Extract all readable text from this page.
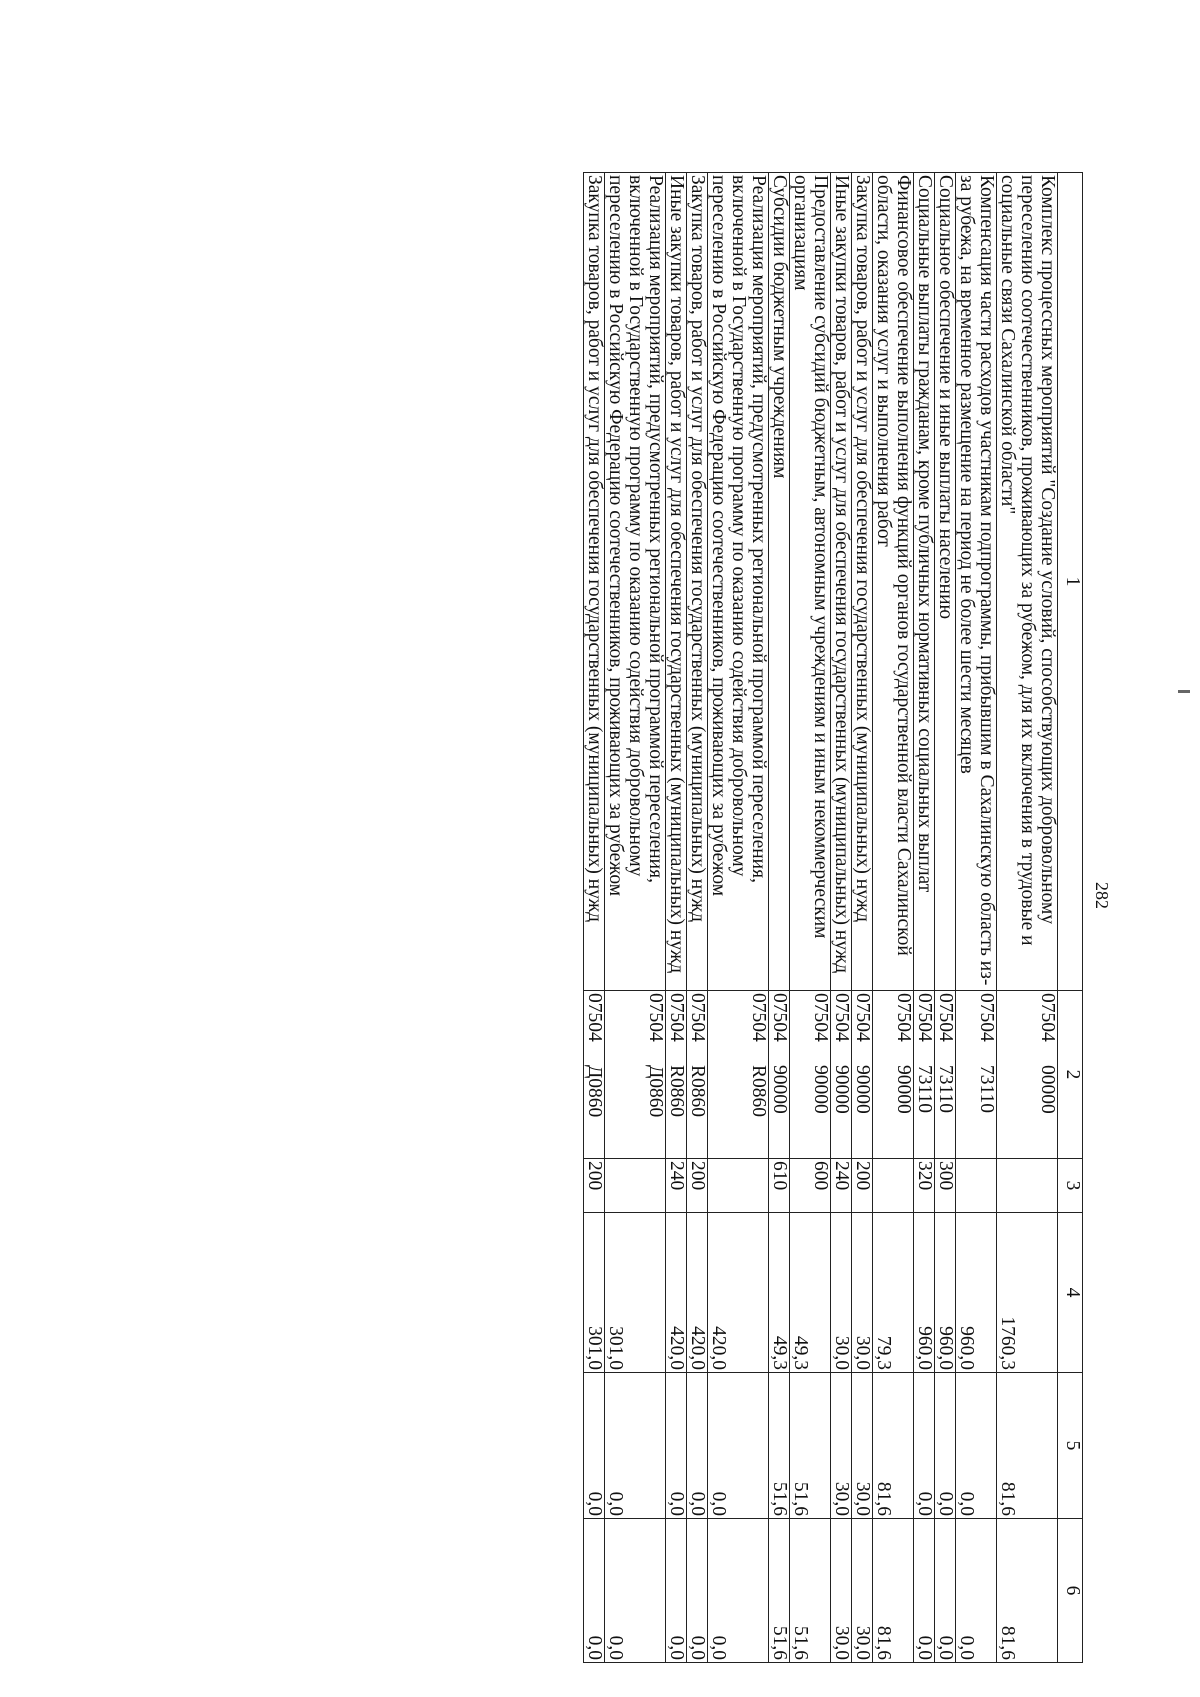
282
1	2	3	4	5	6
Комплекс процессных мероприятий "Создание условий, способствующих добровольному переселению соотечественников, проживающих за рубежом, для их включения в трудовые и социальные связи Сахалинской области"	0750400000		1760,3	81,6	81,6
Компенсация части расходов участникам подпрограммы, прибывшим в Сахалинскую область из-за рубежа, на временное размещение на период не более шести месяцев	0750473110		960,0	0,0	0,0
Социальное обеспечение и иные выплаты населению	0750473110	300	960,0	0,0	0,0
Социальные выплаты гражданам, кроме публичных нормативных социальных выплат	0750473110	320	960,0	0,0	0,0
Финансовое обеспечение выполнения функций органов государственной власти Сахалинской области, оказания услуг и выполнения работ	0750490000		79,3	81,6	81,6
Закупка товаров, работ и услуг для обеспечения государственных (муниципальных) нужд	0750490000	200	30,0	30,0	30,0
Иные закупки товаров, работ и услуг для обеспечения государственных (муниципальных) нужд	0750490000	240	30,0	30,0	30,0
Предоставление субсидий бюджетным, автономным учреждениям и иным некоммерческим организациям	0750490000	600	49,3	51,6	51,6
Субсидии бюджетным учреждениям	0750490000	610	49,3	51,6	51,6
Реализация мероприятий, предусмотренных региональной программой переселения, включенной в Государственную программу по оказанию содействия добровольному переселению в Российскую Федерацию соотечественников, проживающих за рубежом	07504R0860		420,0	0,0	0,0
Закупка товаров, работ и услуг для обеспечения государственных (муниципальных) нужд	07504R0860	200	420,0	0,0	0,0
Иные закупки товаров, работ и услуг для обеспечения государственных (муниципальных) нужд	07504R0860	240	420,0	0,0	0,0
Реализация мероприятий, предусмотренных региональной программой переселения, включенной в Государственную программу по оказанию содействия добровольному переселению в Российскую Федерацию соотечественников, проживающих за рубежом	07504Д0860		301,0	0,0	0,0
Закупка товаров, работ и услуг для обеспечения государственных (муниципальных) нужд	07504Д0860	200	301,0	0,0	0,0
